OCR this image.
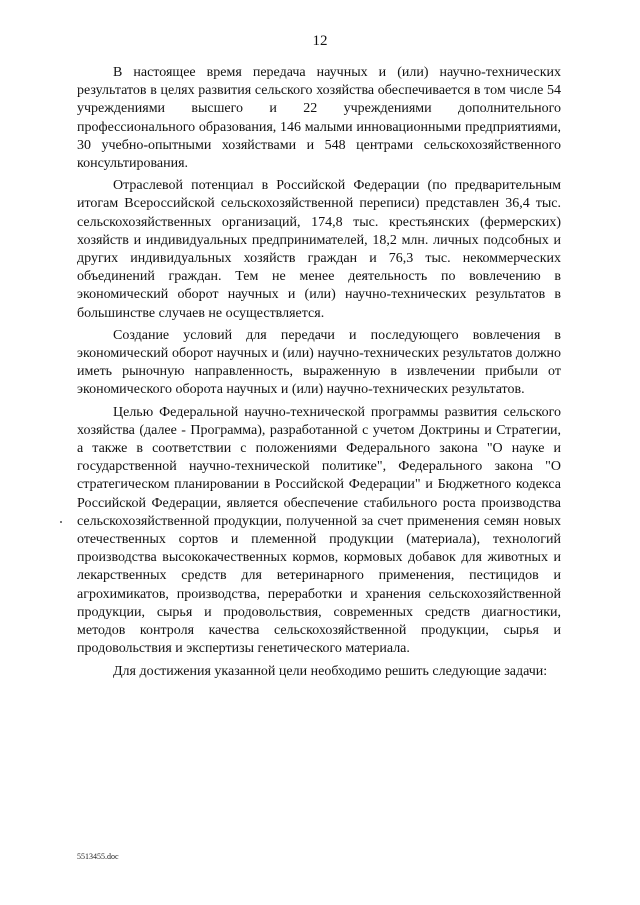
12

В настоящее время передача научных и (или) научно-технических результатов в целях развития сельского хозяйства обеспечивается в том числе 54 учреждениями высшего и 22 учреждениями дополнительного профессионального образования, 146 малыми инновационными предприятиями, 30 учебно-опытными хозяйствами и 548 центрами сельскохозяйственного консультирования.

Отраслевой потенциал в Российской Федерации (по предварительным итогам Всероссийской сельскохозяйственной переписи) представлен 36,4 тыс. сельскохозяйственных организаций, 174,8 тыс. крестьянских (фермерских) хозяйств и индивидуальных предпринимателей, 18,2 млн. личных подсобных и других индивидуальных хозяйств граждан и 76,3 тыс. некоммерческих объединений граждан. Тем не менее деятельность по вовлечению в экономический оборот научных и (или) научно-технических результатов в большинстве случаев не осуществляется.

Создание условий для передачи и последующего вовлечения в экономический оборот научных и (или) научно-технических результатов должно иметь рыночную направленность, выраженную в извлечении прибыли от экономического оборота научных и (или) научно-технических результатов.

Целью Федеральной научно-технической программы развития сельского хозяйства (далее - Программа), разработанной с учетом Доктрины и Стратегии, а также в соответствии с положениями Федерального закона "О науке и государственной научно-технической политике", Федерального закона "О стратегическом планировании в Российской Федерации" и Бюджетного кодекса Российской Федерации, является обеспечение стабильного роста производства сельскохозяйственной продукции, полученной за счет применения семян новых отечественных сортов и племенной продукции (материала), технологий производства высококачественных кормов, кормовых добавок для животных и лекарственных средств для ветеринарного применения, пестицидов и агрохимикатов, производства, переработки и хранения сельскохозяйственной продукции, сырья и продовольствия, современных средств диагностики, методов контроля качества сельскохозяйственной продукции, сырья и продовольствия и экспертизы генетического материала.

Для достижения указанной цели необходимо решить следующие задачи:

5513455.doc
